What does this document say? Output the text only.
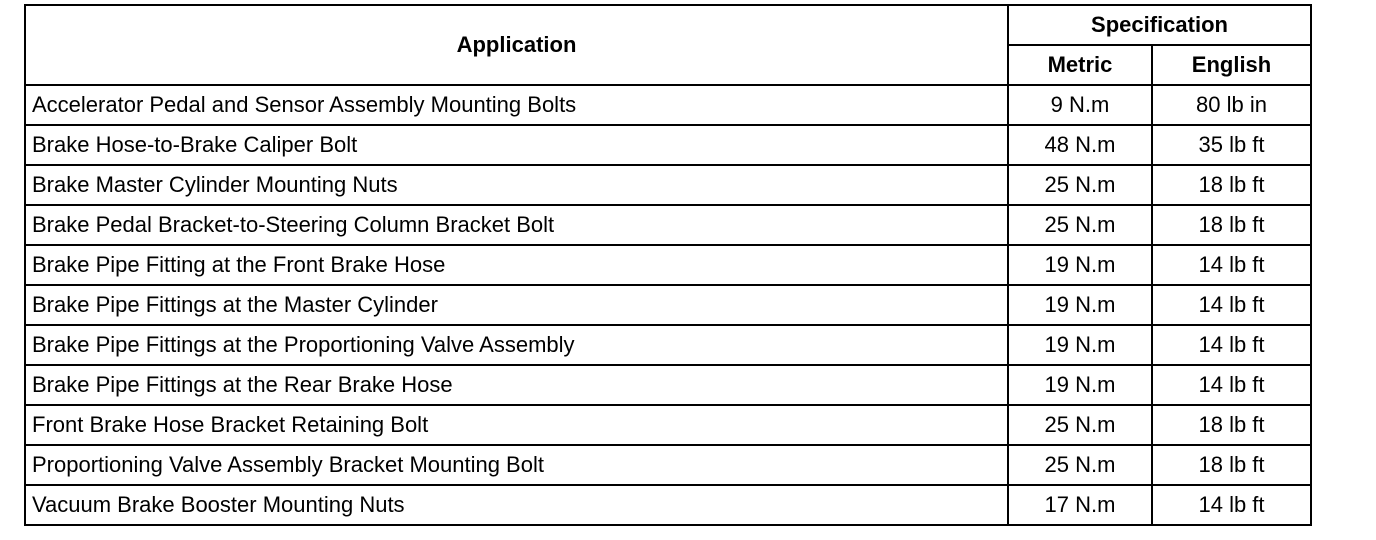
Application	Specification	
	Metric	English
Accelerator Pedal and Sensor Assembly Mounting Bolts	9 N.m	80 lb in
Brake Hose-to-Brake Caliper Bolt	48 N.m	35 lb ft
Brake Master Cylinder Mounting Nuts	25 N.m	18 lb ft
Brake Pedal Bracket-to-Steering Column Bracket Bolt	25 N.m	18 lb ft
Brake Pipe Fitting at the Front Brake Hose	19 N.m	14 lb ft
Brake Pipe Fittings at the Master Cylinder	19 N.m	14 lb ft
Brake Pipe Fittings at the Proportioning Valve Assembly	19 N.m	14 lb ft
Brake Pipe Fittings at the Rear Brake Hose	19 N.m	14 lb ft
Front Brake Hose Bracket Retaining Bolt	25 N.m	18 lb ft
Proportioning Valve Assembly Bracket Mounting Bolt	25 N.m	18 lb ft
Vacuum Brake Booster Mounting Nuts	17 N.m	14 lb ft
